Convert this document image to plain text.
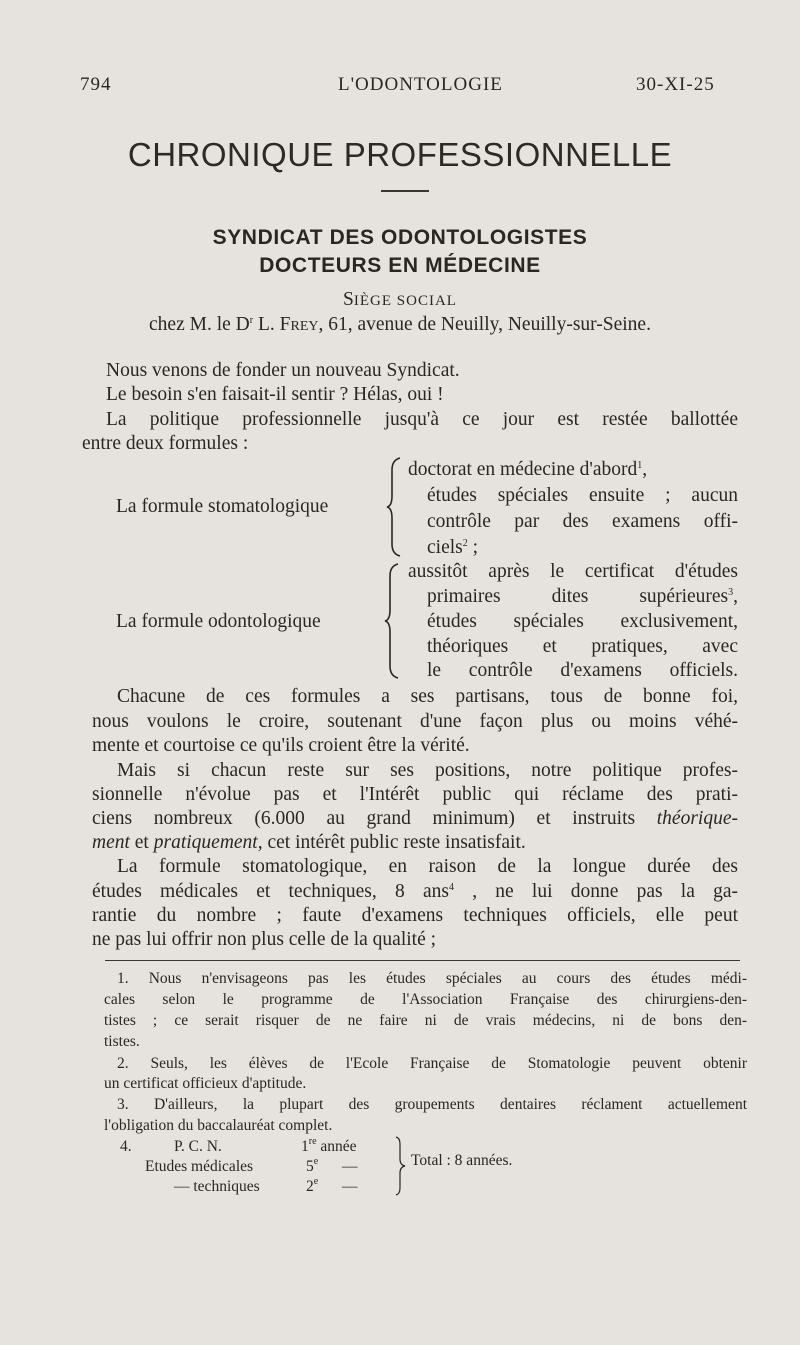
794	L'ODONTOLOGIE	30-XI-25
CHRONIQUE PROFESSIONNELLE
SYNDICAT DES ODONTOLOGISTES
DOCTEURS EN MÉDECINE
SIÈGE SOCIAL
chez M. le $D^r$ L. Frey, 61, avenue de Neuilly, Neuilly-sur-Seine.
Nous venons de fonder un nouveau Syndicat.
Le besoin s'en faisait-il sentir ? Hélas, oui !
La politique professionnelle jusqu'à ce jour est restée ballottée
entre deux formules :
La formule stomatologique
doctorat en médecine d'abord$^1$,
études spéciales ensuite ; aucun
contrôle par des examens offi-
ciels$^2$ ;
La formule odontologique
aussitôt après le certificat d'études
primaires dites supérieures$^3$,
études spéciales exclusivement,
théoriques et pratiques, avec
le contrôle d'examens officiels.
Chacune de ces formules a ses partisans, tous de bonne foi,
nous voulons le croire, soutenant d'une façon plus ou moins véhé-
mente et courtoise ce qu'ils croient être la vérité.
Mais si chacun reste sur ses positions, notre politique profes-
sionnelle n'évolue pas et l'Intérêt public qui réclame des prati-
ciens nombreux (6.000 au grand minimum) et instruits théorique-
ment et pratiquement, cet intérêt public reste insatisfait.
La formule stomatologique, en raison de la longue durée des
études médicales et techniques, 8 ans$^4$ , ne lui donne pas la ga-
rantie du nombre ; faute d'examens techniques officiels, elle peut
ne pas lui offrir non plus celle de la qualité ;
1. Nous n'envisageons pas les études spéciales au cours des études médi-
cales selon le programme de l'Association Française des chirurgiens-den-
tistes ; ce serait risquer de ne faire ni de vrais médecins, ni de bons den-
tistes.
2. Seuls, les élèves de l'Ecole Française de Stomatologie peuvent obtenir
un certificat officieux d'aptitude.
3. D'ailleurs, la plupart des groupements dentaires réclament actuellement
l'obligation du baccalauréat complet.
4.	P. C. N.	1re année
Etudes médicales	5e —
— techniques	2e —
Total : 8 années.
